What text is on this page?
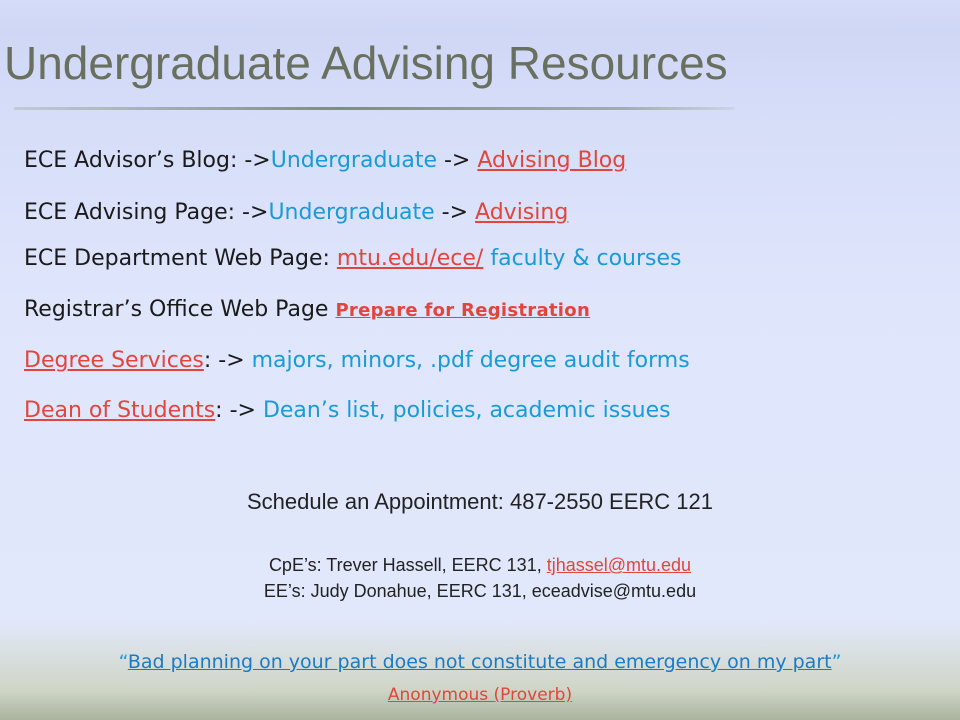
Undergraduate Advising Resources
ECE Advisor’s Blog: ->Undergraduate -> Advising Blog
ECE Advising Page: ->Undergraduate -> Advising
ECE Department Web Page: mtu.edu/ece/ faculty & courses
Registrar’s Office Web Page Prepare for Registration
Degree Services: -> majors, minors, .pdf degree audit forms
Dean of Students: -> Dean’s list, policies, academic issues
Schedule an Appointment: 487-2550 EERC 121
CpE’s: Trever Hassell, EERC 131, tjhassel@mtu.edu
EE’s: Judy Donahue, EERC 131, eceadvise@mtu.edu
“Bad planning on your part does not constitute and emergency on my part”
Anonymous (Proverb)
